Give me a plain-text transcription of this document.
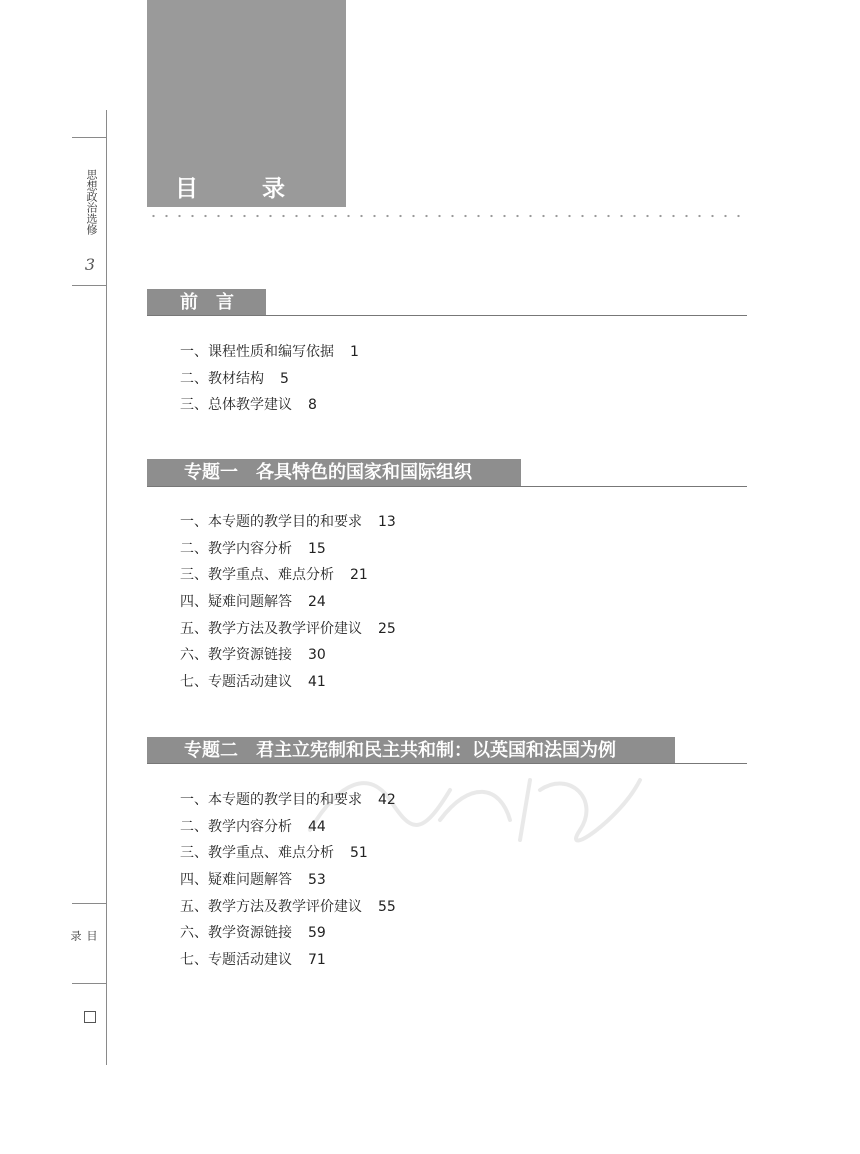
思想政治选修
3
目录
目录
前　言
一、课程性质和编写依据 1
二、教材结构 5
三、总体教学建议 8
专题一　各具特色的国家和国际组织
一、本专题的教学目的和要求 13
二、教学内容分析 15
三、教学重点、难点分析 21
四、疑难问题解答 24
五、教学方法及教学评价建议 25
六、教学资源链接 30
七、专题活动建议 41
专题二　君主立宪制和民主共和制：以英国和法国为例
一、本专题的教学目的和要求 42
二、教学内容分析 44
三、教学重点、难点分析 51
四、疑难问题解答 53
五、教学方法及教学评价建议 55
六、教学资源链接 59
七、专题活动建议 71
